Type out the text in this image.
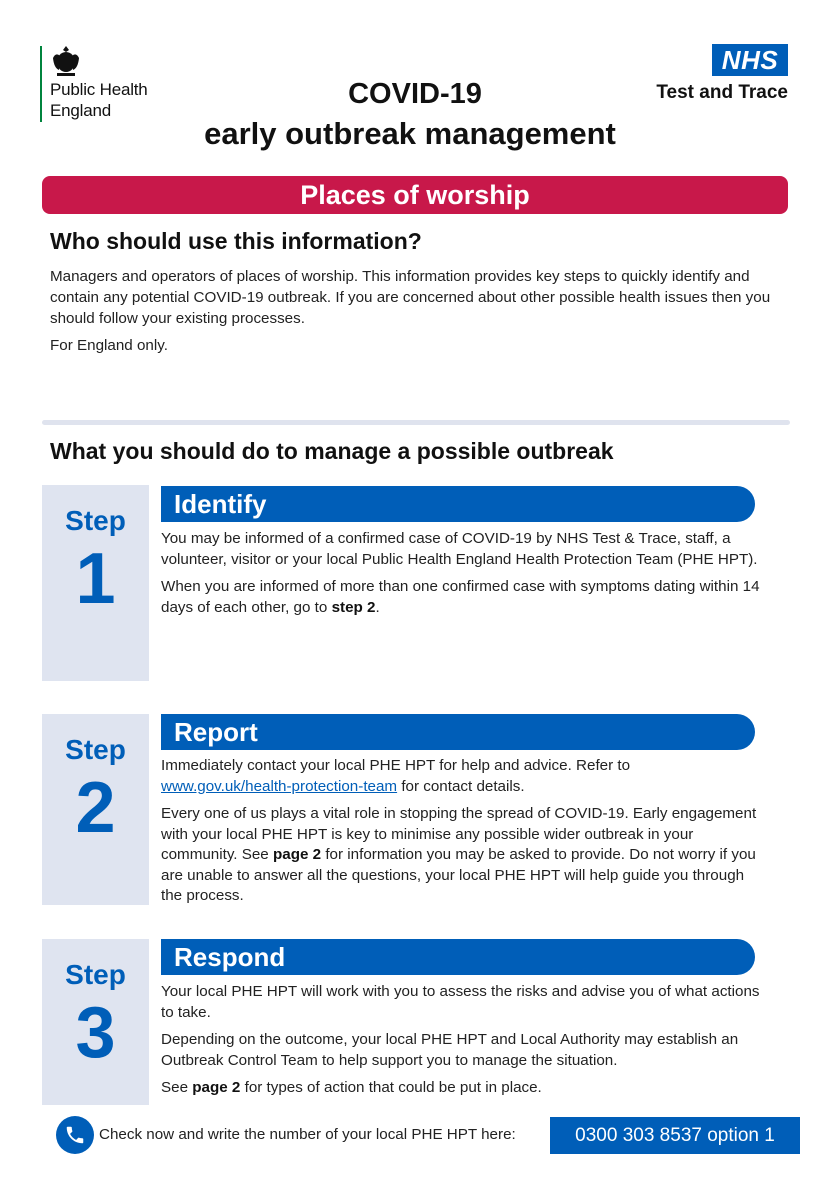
Public Health
England
NHS
Test and Trace
COVID-19
early outbreak management
Places of worship
Who should use this information?
Managers and operators of places of worship. This information provides key steps to quickly identify and contain any potential COVID-19 outbreak. If you are concerned about other possible health issues then you should follow your existing processes.
For England only.
What you should do to manage a possible outbreak
Step
1
Identify

You may be informed of a confirmed case of COVID-19 by NHS Test & Trace, staff, a volunteer, visitor or your local Public Health England Health Protection Team (PHE HPT).

When you are informed of more than one confirmed case with symptoms dating within 14 days of each other, go to step 2.

Step
2
Report

Immediately contact your local PHE HPT for help and advice. Refer to www.gov.uk/health-protection-team for contact details.

Every one of us plays a vital role in stopping the spread of COVID-19. Early engagement with your local PHE HPT is key to minimise any possible wider outbreak in your community. See page 2 for information you may be asked to provide. Do not worry if you are unable to answer all the questions, your local PHE HPT will help guide you through the process.

Step
3
Respond

Your local PHE HPT will work with you to assess the risks and advise you of what actions to take.

Depending on the outcome, your local PHE HPT and Local Authority may establish an Outbreak Control Team to help support you to manage the situation.

See page 2 for types of action that could be put in place.

Check now and write the number of your local PHE HPT here:	0300 303 8537 option 1
